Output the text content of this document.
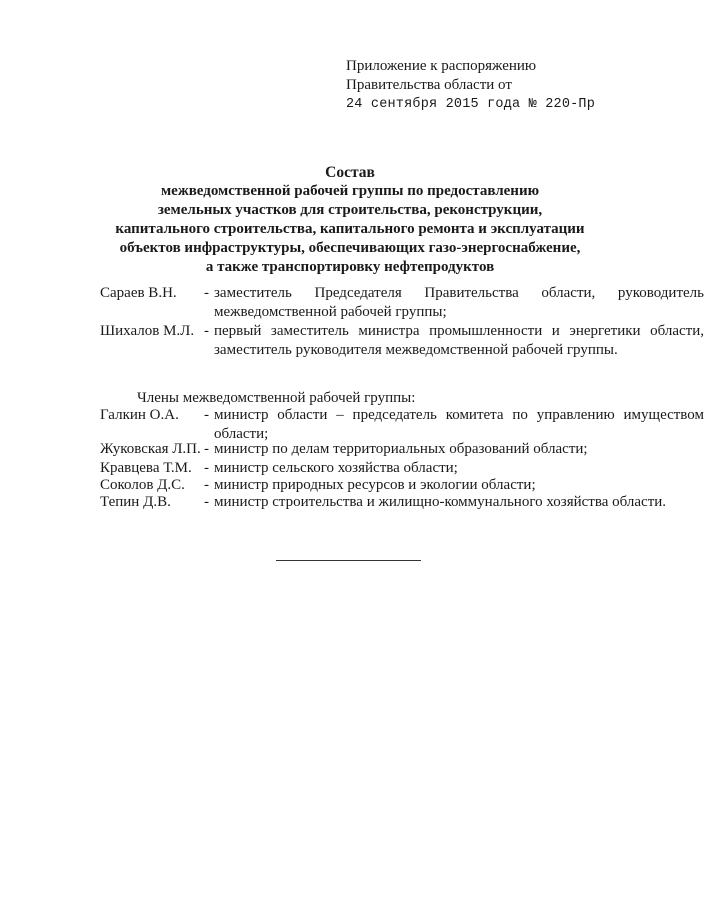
Приложение к распоряжению
Правительства области от
24 сентября 2015 года № 220-Пр
Состав
межведомственной рабочей группы по предоставлению
земельных участков для строительства, реконструкции,
капитального строительства, капитального ремонта и эксплуатации
объектов инфраструктуры, обеспечивающих газо-энергоснабжение,
а также транспортировку нефтепродуктов
Сараев В.Н. - заместитель Председателя Правительства области, руководитель межведомственной рабочей группы;
Шихалов М.Л. - первый заместитель министра промышленности и энергетики области, заместитель руководителя межведомственной рабочей группы.
Члены межведомственной рабочей группы:
Галкин О.А. - министр области – председатель комитета по управлению имуществом области;
Жуковская Л.П. - министр по делам территориальных образований области;
Кравцева Т.М. - министр сельского хозяйства области;
Соколов Д.С. - министр природных ресурсов и экологии области;
Тепин Д.В. - министр строительства и жилищно-коммунального хозяйства области.
